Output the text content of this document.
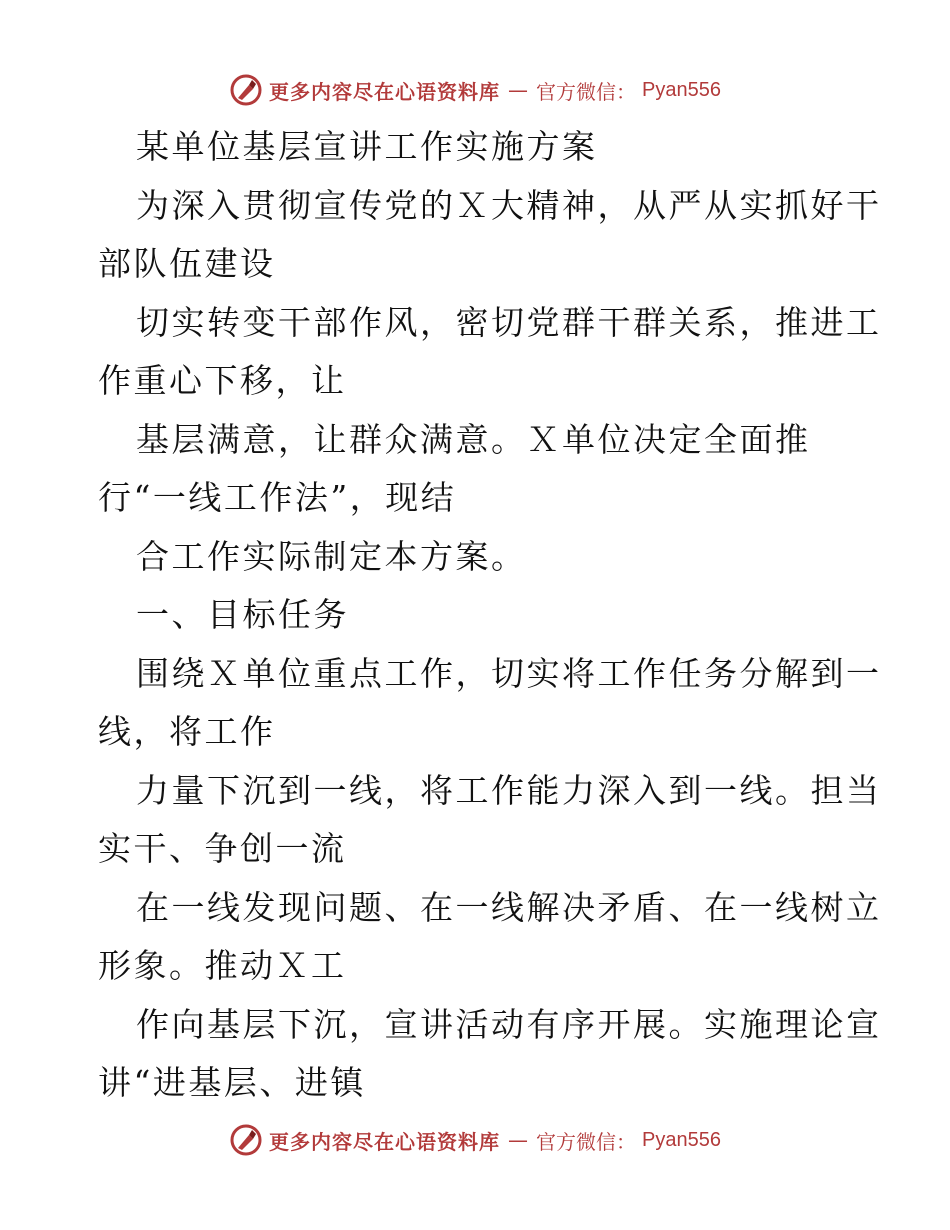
更多内容尽在心语资料库 — 官方微信： Pyan556
某单位基层宣讲工作实施方案
为深入贯彻宣传党的Ｘ大精神，从严从实抓好干
部队伍建设
切实转变干部作风，密切党群干群关系，推进工
作重心下移，让
基层满意，让群众满意。Ｘ单位决定全面推
行“一线工作法”，现结
合工作实际制定本方案。
一、目标任务
围绕Ｘ单位重点工作，切实将工作任务分解到一
线，将工作
力量下沉到一线，将工作能力深入到一线。担当
实干、争创一流
在一线发现问题、在一线解决矛盾、在一线树立
形象。推动Ｘ工
作向基层下沉，宣讲活动有序开展。实施理论宣
讲“进基层、进镇
更多内容尽在心语资料库 — 官方微信： Pyan556
